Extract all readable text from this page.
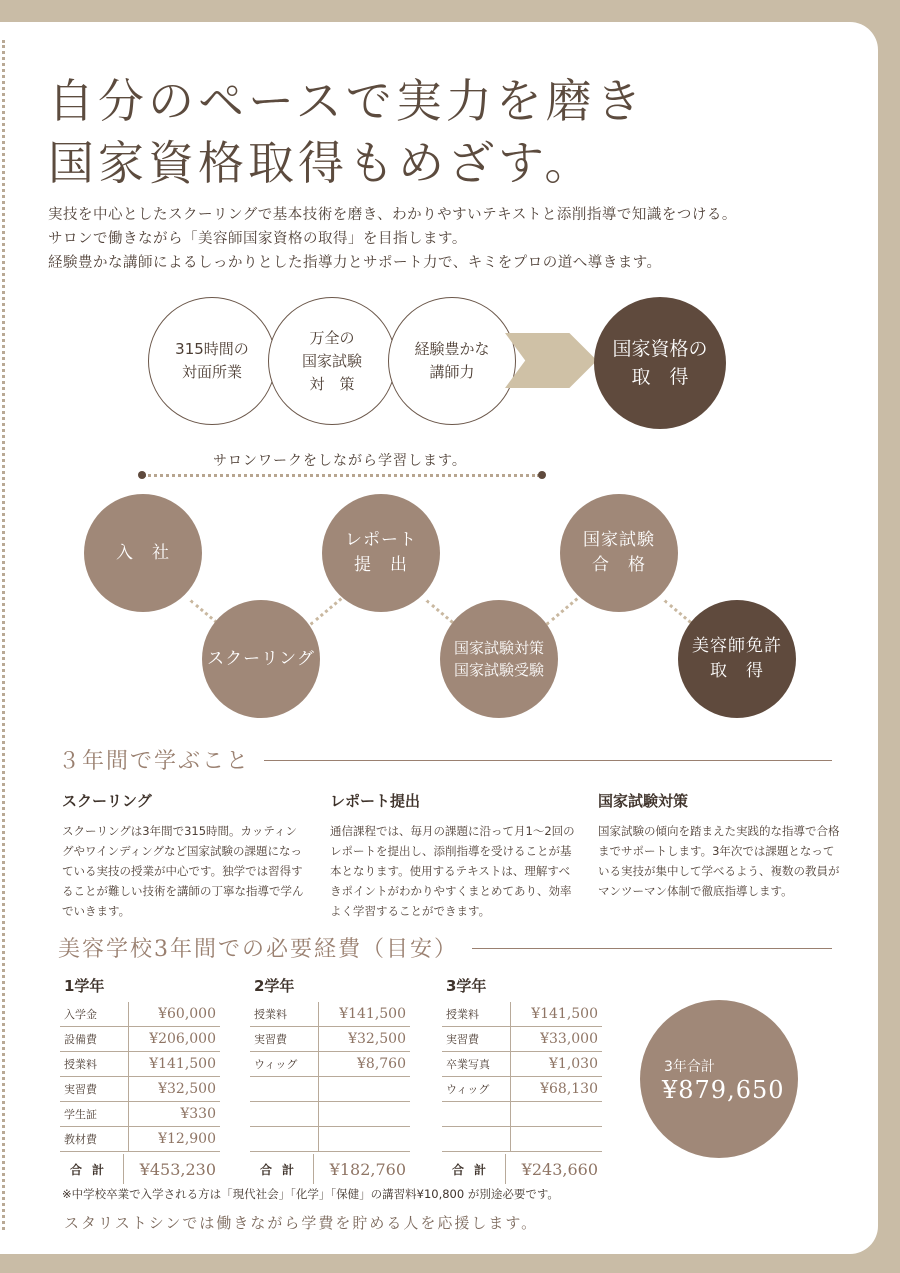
自分のペースで実力を磨き
国家資格取得もめざす。

実技を中心としたスクーリングで基本技術を磨き、わかりやすいテキストと添削指導で知識をつける。

サロンで働きながら「美容師国家資格の取得」を目指します。

経験豊かな講師によるしっかりとした指導力とサポート力で、キミをプロの道へ導きます。

315時間の
対面所業
万全の
国家試験
対　策
経験豊かな
講師力
国家資格の
取　得
サロンワークをしながら学習します。
入　社
スクーリング
レポート
提　出
国家試験対策
国家試験受験
国家試験
合　格
美容師免許
取　得
３年間で学ぶこと
スクーリング

スクーリングは3年間で315時間。カッティングやワインディングなど国家試験の課題になっている実技の授業が中心です。独学では習得することが難しい技術を講師の丁寧な指導で学んでいきます。

レポート提出

通信課程では、毎月の課題に沿って月1〜2回のレポートを提出し、添削指導を受けることが基本となります。使用するテキストは、理解すべきポイントがわかりやすくまとめてあり、効率よく学習することができます。

国家試験対策

国家試験の傾向を踏まえた実践的な指導で合格までサポートします。3年次では課題となっている実技が集中して学べるよう、複数の教員がマンツーマン体制で徹底指導します。

美容学校3年間での必要経費（目安）
1学年
入学金	¥60,000
設備費	¥206,000
授業料	¥141,500
実習費	¥32,500
学生証	¥330
教材費	¥12,900
合計	¥453,230
2学年
授業料	¥141,500
実習費	¥32,500
ウィッグ	¥8,760
合計	¥182,760
3学年
授業料	¥141,500
実習費	¥33,000
卒業写真	¥1,030
ウィッグ	¥68,130
合計	¥243,660
3年合計
¥879,650
※中学校卒業で入学される方は「現代社会」「化学」「保健」の講習料¥10,800 が別途必要です。
スタリストシンでは働きながら学費を貯める人を応援します。
